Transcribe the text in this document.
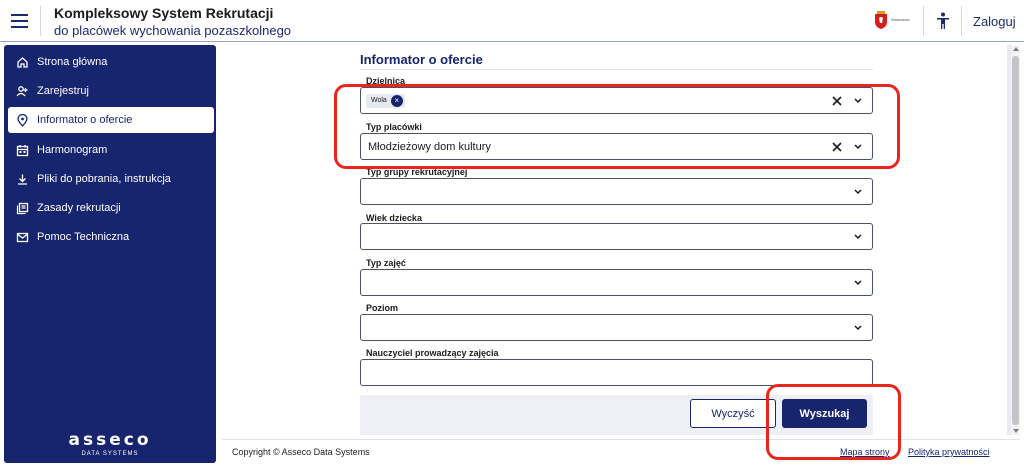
Kompleksowy System Rekrutacji
do placówek wychowania pozaszkolnego
Warszawa	Zaloguj
Strona główna
Zarejestruj
Informator o ofercie
Harmonogram
Pliki do pobrania, instrukcja
Zasady rekrutacji
Pomoc Techniczna
asseco
DATA SYSTEMS
Informator o ofercie
Dzielnica
Wola ×
Typ placówki
Młodzieżowy dom kultury
Typ grupy rekrutacyjnej
Wiek dziecka
Typ zajęć
Poziom
Nauczyciel prowadzący zajęcia
Wyczyść	Wyszukaj
Copyright © Asseco Data Systems	Mapa strony Polityka prywatności
